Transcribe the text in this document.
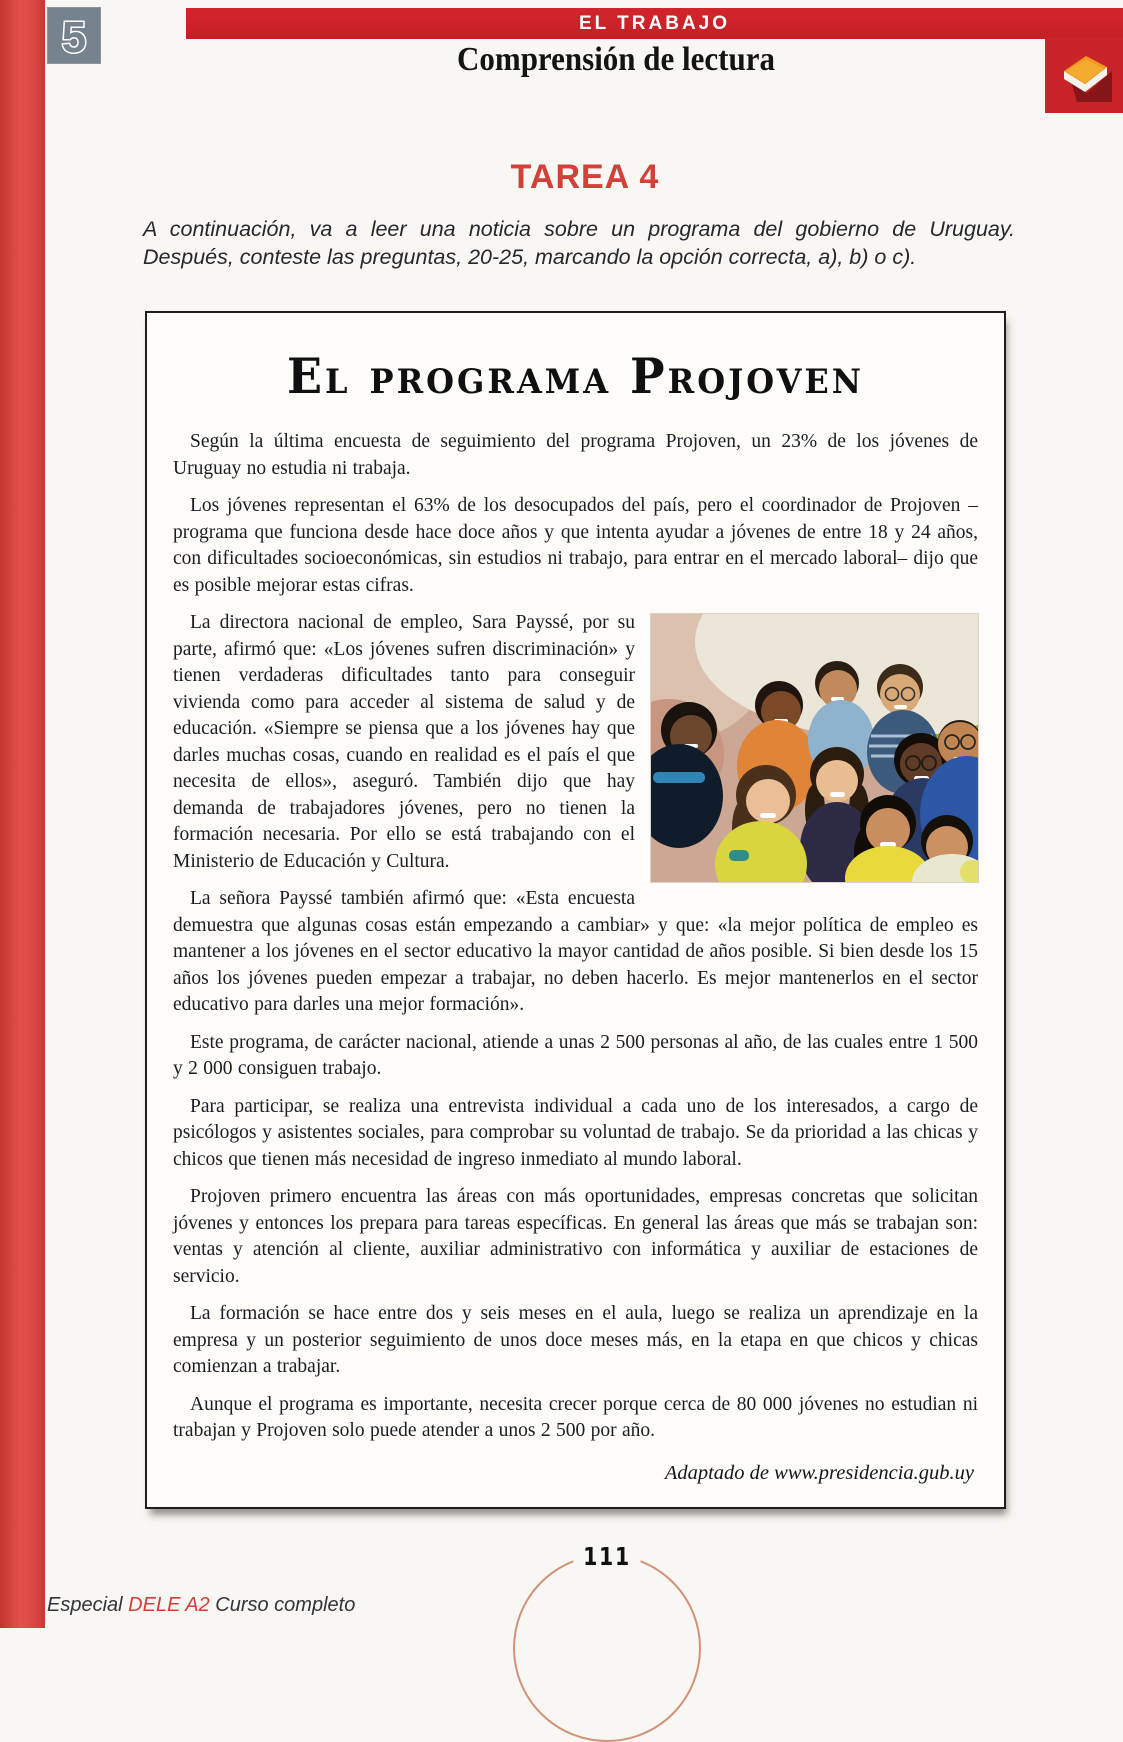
5	EL TRABAJO
Comprensión de lectura
TAREA 4

A continuación, va a leer una noticia sobre un programa del gobierno de Uruguay. Después, conteste las preguntas, 20-25, marcando la opción correcta, a), b) o c).

El programa Projoven

Según la última encuesta de seguimiento del programa Projoven, un 23% de los jóvenes de Uruguay no estudia ni trabaja.

Los jóvenes representan el 63% de los desocupados del país, pero el coordinador de Projoven –programa que funciona desde hace doce años y que intenta ayudar a jóvenes de entre 18 y 24 años, con dificultades socioeconómicas, sin estudios ni trabajo, para entrar en el mercado laboral– dijo que es posible mejorar estas cifras.

La directora nacional de empleo, Sara Payssé, por su parte, afirmó que: «Los jóvenes sufren discriminación» y tienen verdaderas dificultades tanto para conseguir vivienda como para acceder al sistema de salud y de educación. «Siempre se piensa que a los jóvenes hay que darles muchas cosas, cuando en realidad es el país el que necesita de ellos», aseguró. También dijo que hay demanda de trabajadores jóvenes, pero no tienen la formación necesaria. Por ello se está trabajando con el Ministerio de Educación y Cultura.

La señora Payssé también afirmó que: «Esta encuesta demuestra que algunas cosas están empezando a cambiar» y que: «la mejor política de empleo es mantener a los jóvenes en el sector educativo la mayor cantidad de años posible. Si bien desde los 15 años los jóvenes pueden empezar a trabajar, no deben hacerlo. Es mejor mantenerlos en el sector educativo para darles una mejor formación».

Este programa, de carácter nacional, atiende a unas 2 500 personas al año, de las cuales entre 1 500 y 2 000 consiguen trabajo.

Para participar, se realiza una entrevista individual a cada uno de los interesados, a cargo de psicólogos y asistentes sociales, para comprobar su voluntad de trabajo. Se da prioridad a las chicas y chicos que tienen más necesidad de ingreso inmediato al mundo laboral.

Projoven primero encuentra las áreas con más oportunidades, empresas concretas que solicitan jóvenes y entonces los prepara para tareas específicas. En general las áreas que más se trabajan son: ventas y atención al cliente, auxiliar administrativo con informática y auxiliar de estaciones de servicio.

La formación se hace entre dos y seis meses en el aula, luego se realiza un aprendizaje en la empresa y un posterior seguimiento de unos doce meses más, en la etapa en que chicos y chicas comienzan a trabajar.

Aunque el programa es importante, necesita crecer porque cerca de 80 000 jóvenes no estudian ni trabajan y Projoven solo puede atender a unos 2 500 por año.

Adaptado de www.presidencia.gub.uy

Especial DELE A2 Curso completo

111
